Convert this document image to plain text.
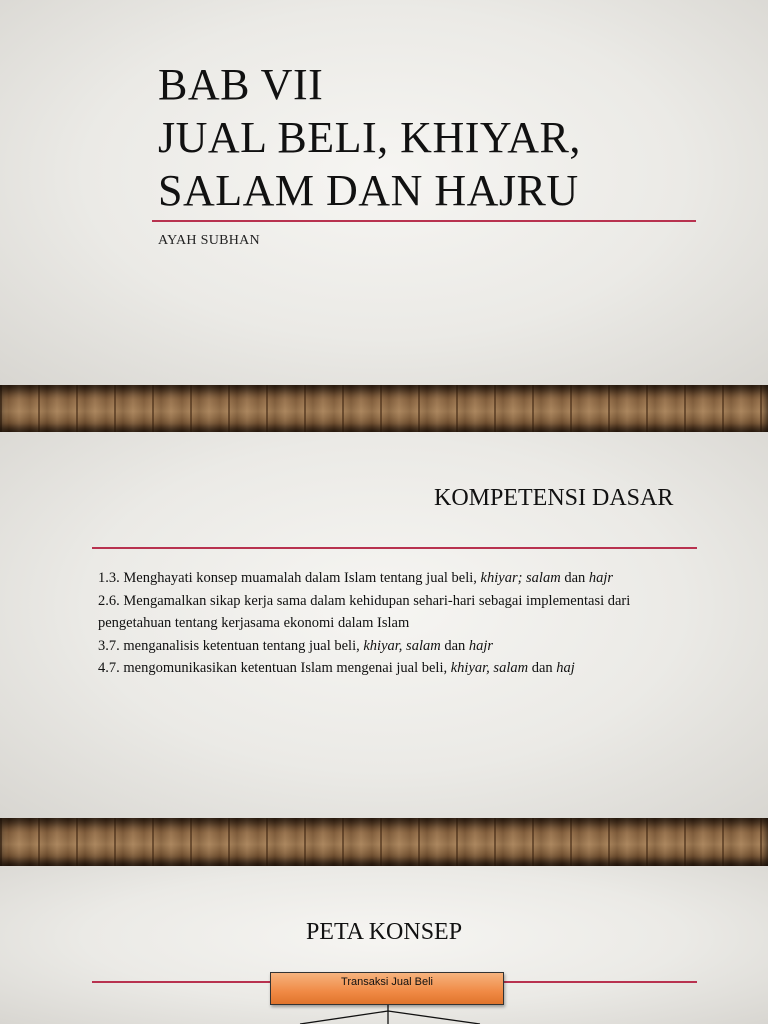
BAB VII
JUAL BELI, KHIYAR,
SALAM DAN HAJRU
AYAH SUBHAN
KOMPETENSI DASAR
1.3. Menghayati konsep muamalah dalam Islam tentang jual beli, khiyar; salam dan hajr
2.6. Mengamalkan sikap kerja sama dalam kehidupan sehari-hari sebagai implementasi dari pengetahuan tentang kerjasama ekonomi dalam Islam
3.7. menganalisis ketentuan tentang jual beli, khiyar, salam dan hajr
4.7. mengomunikasikan ketentuan Islam mengenai jual beli, khiyar, salam dan haj
PETA KONSEP
Transaksi Jual Beli
